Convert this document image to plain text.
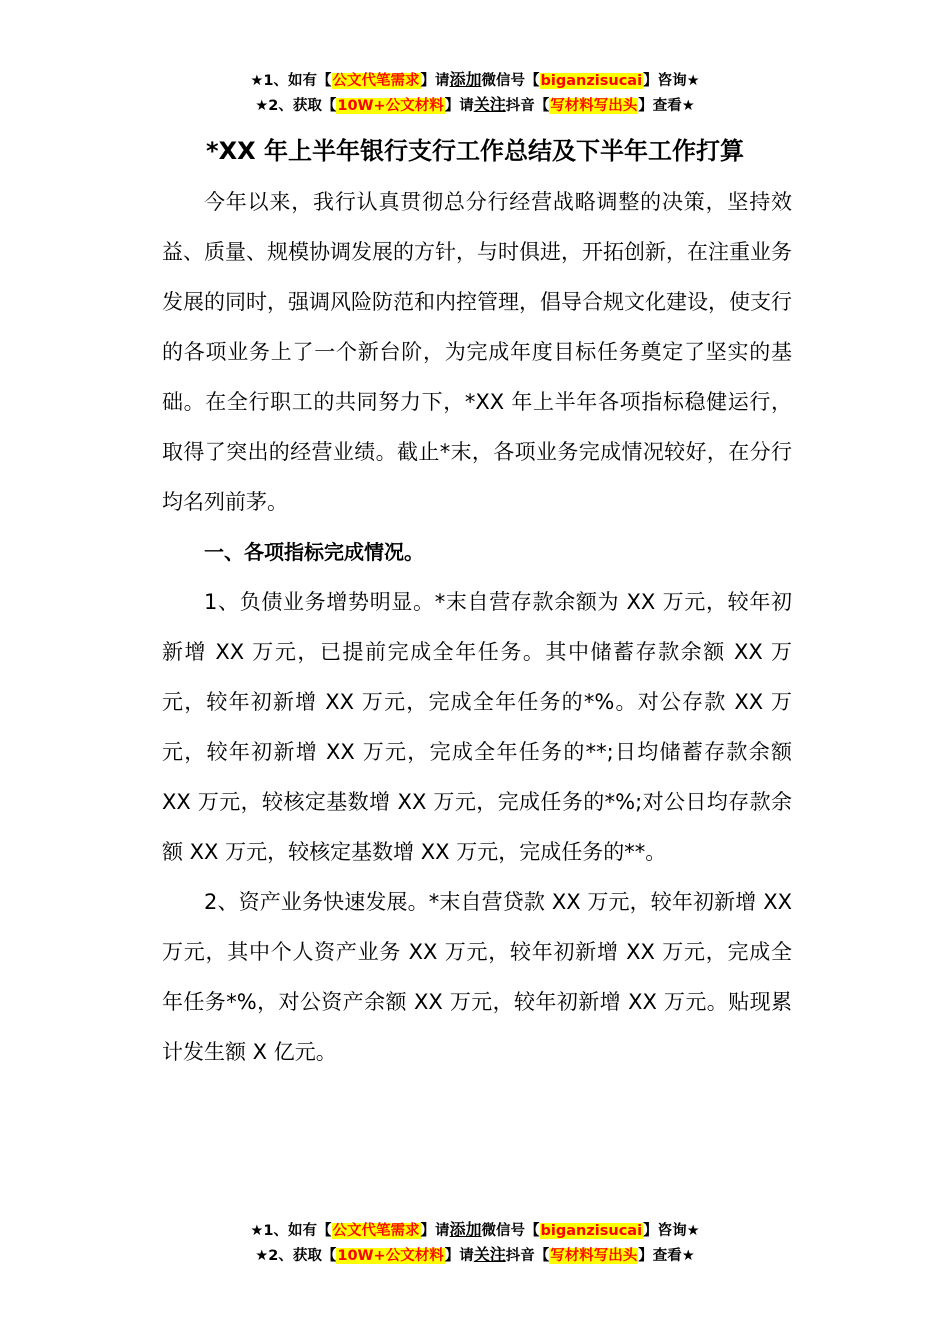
★1、如有【公文代笔需求】请添加微信号【biganzisucai】咨询★
★2、获取【10W+公文材料】请关注抖音【写材料写出头】查看★
*XX 年上半年银行支行工作总结及下半年工作打算

今年以来，我行认真贯彻总分行经营战略调整的决策，坚持效益、质量、规模协调发展的方针，与时俱进，开拓创新，在注重业务发展的同时，强调风险防范和内控管理，倡导合规文化建设，使支行的各项业务上了一个新台阶，为完成年度目标任务奠定了坚实的基础。在全行职工的共同努力下，*XX 年上半年各项指标稳健运行，取得了突出的经营业绩。截止*末，各项业务完成情况较好，在分行均名列前茅。

一、各项指标完成情况。

1、负债业务增势明显。*末自营存款余额为 XX 万元，较年初新增 XX 万元，已提前完成全年任务。其中储蓄存款余额 XX 万元，较年初新增 XX 万元，完成全年任务的*%。对公存款 XX 万元，较年初新增 XX 万元，完成全年任务的**;日均储蓄存款余额 XX 万元，较核定基数增 XX 万元，完成任务的*%;对公日均存款余额 XX 万元，较核定基数增 XX 万元，完成任务的**。

2、资产业务快速发展。*末自营贷款 XX 万元，较年初新增 XX 万元，其中个人资产业务 XX 万元，较年初新增 XX 万元，完成全年任务*%，对公资产余额 XX 万元，较年初新增 XX 万元。贴现累计发生额 X 亿元。

★1、如有【公文代笔需求】请添加微信号【biganzisucai】咨询★
★2、获取【10W+公文材料】请关注抖音【写材料写出头】查看★
